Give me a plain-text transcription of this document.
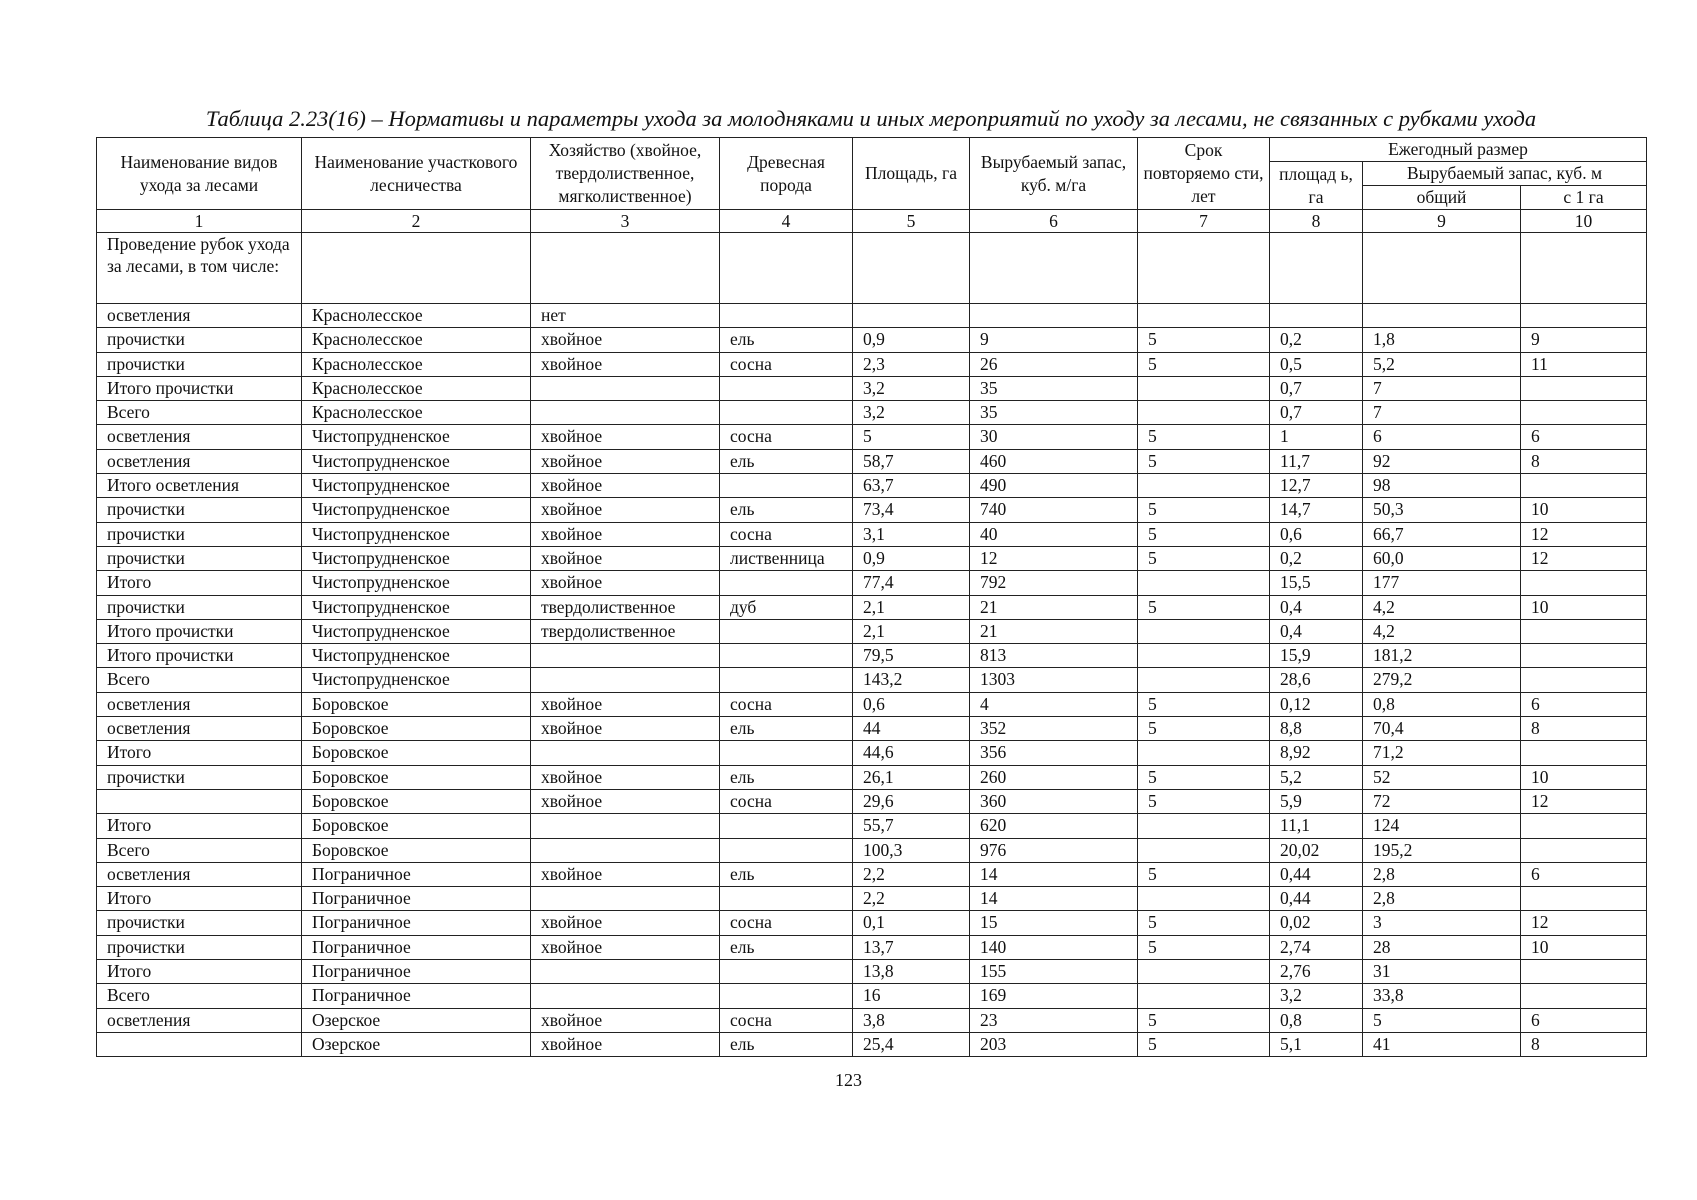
Таблица 2.23(16) – Нормативы и параметры ухода за молодняками и иных мероприятий по уходу за лесами, не связанных с рубками ухода
Наименование видов ухода за лесами	Наименование участкового лесничества	Хозяйство (хвойное, твердолиственное, мягколиственное)	Древесная порода	Площадь, га	Вырубаемый запас, куб. м/га	Срок повторяемо сти, лет	Ежегодный размер		
							площад ь, га	Вырубаемый запас, куб. м	
								общий	с 1 га
1	2	3	4	5	6	7	8	9	10
Проведение рубок ухода за лесами, в том числе:									
осветления	Краснолесское	нет							
прочистки	Краснолесское	хвойное	ель	0,9	9	5	0,2	1,8	9
прочистки	Краснолесское	хвойное	сосна	2,3	26	5	0,5	5,2	11
Итого прочистки	Краснолесское			3,2	35		0,7	7	
Всего	Краснолесское			3,2	35		0,7	7	
осветления	Чистопрудненское	хвойное	сосна	5	30	5	1	6	6
осветления	Чистопрудненское	хвойное	ель	58,7	460	5	11,7	92	8
Итого осветления	Чистопрудненское	хвойное		63,7	490		12,7	98	
прочистки	Чистопрудненское	хвойное	ель	73,4	740	5	14,7	50,3	10
прочистки	Чистопрудненское	хвойное	сосна	3,1	40	5	0,6	66,7	12
прочистки	Чистопрудненское	хвойное	лиственница	0,9	12	5	0,2	60,0	12
Итого	Чистопрудненское	хвойное		77,4	792		15,5	177	
прочистки	Чистопрудненское	твердолиственное	дуб	2,1	21	5	0,4	4,2	10
Итого прочистки	Чистопрудненское	твердолиственное		2,1	21		0,4	4,2	
Итого прочистки	Чистопрудненское			79,5	813		15,9	181,2	
Всего	Чистопрудненское			143,2	1303		28,6	279,2	
осветления	Боровское	хвойное	сосна	0,6	4	5	0,12	0,8	6
осветления	Боровское	хвойное	ель	44	352	5	8,8	70,4	8
Итого	Боровское			44,6	356		8,92	71,2	
прочистки	Боровское	хвойное	ель	26,1	260	5	5,2	52	10
	Боровское	хвойное	сосна	29,6	360	5	5,9	72	12
Итого	Боровское			55,7	620		11,1	124	
Всего	Боровское			100,3	976		20,02	195,2	
осветления	Пограничное	хвойное	ель	2,2	14	5	0,44	2,8	6
Итого	Пограничное			2,2	14		0,44	2,8	
прочистки	Пограничное	хвойное	сосна	0,1	15	5	0,02	3	12
прочистки	Пограничное	хвойное	ель	13,7	140	5	2,74	28	10
Итого	Пограничное			13,8	155		2,76	31	
Всего	Пограничное			16	169		3,2	33,8	
осветления	Озерское	хвойное	сосна	3,8	23	5	0,8	5	6
	Озерское	хвойное	ель	25,4	203	5	5,1	41	8
123
